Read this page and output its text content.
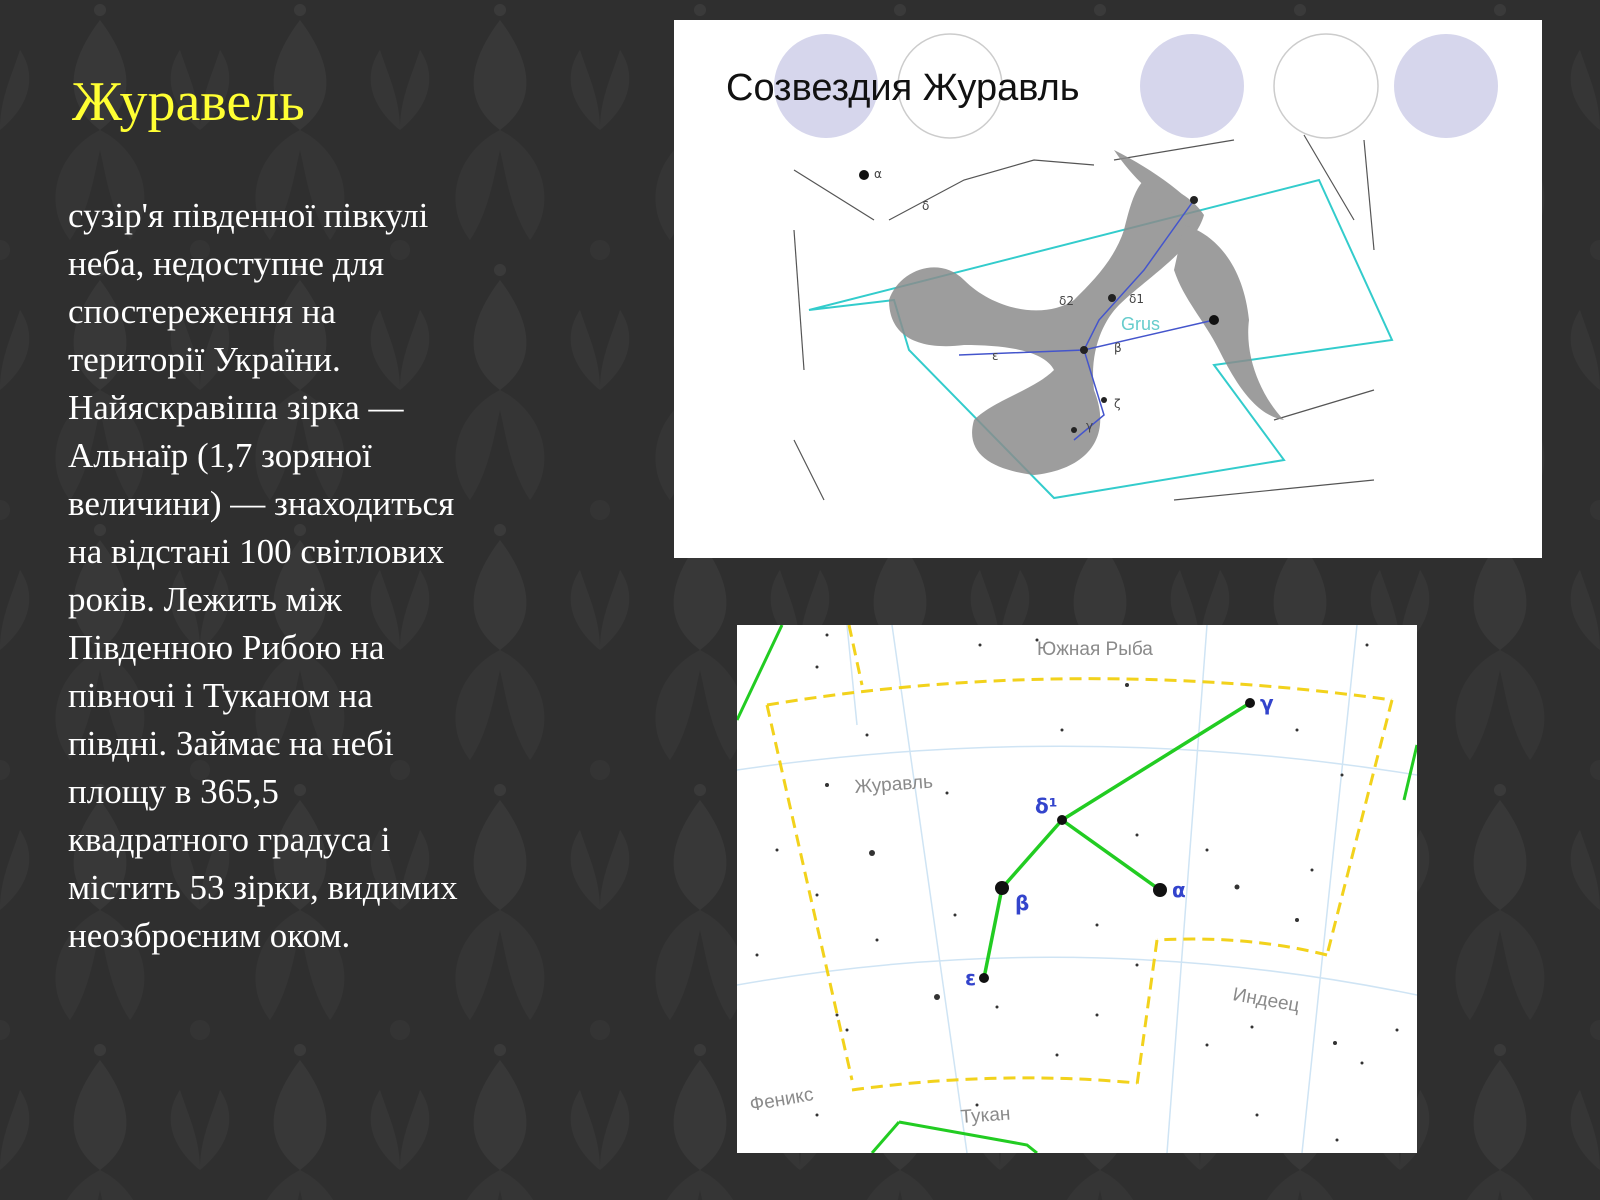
Журавель

сузір'я південної півкулі
неба, недоступне для
спостереження на
території України.
Найяскравіша зірка —
Альнаїр (1,7 зоряної
величини) — знаходиться
на відстані 100 світлових
років. Лежить між
Південною Рибою на
півночі і Туканом на
півдні. Займає на небі
площу в 365,5
квадратного градуса і
містить 53 зірки, видимих
неозброєним оком.

Созвездия Журавль
α
δ
δ2	δ1
β
ε
ζ
γ
Grus
γ
δ¹
α
β
ε
Южная Рыба
Журавль
Индеец
Феникс	Тукан
